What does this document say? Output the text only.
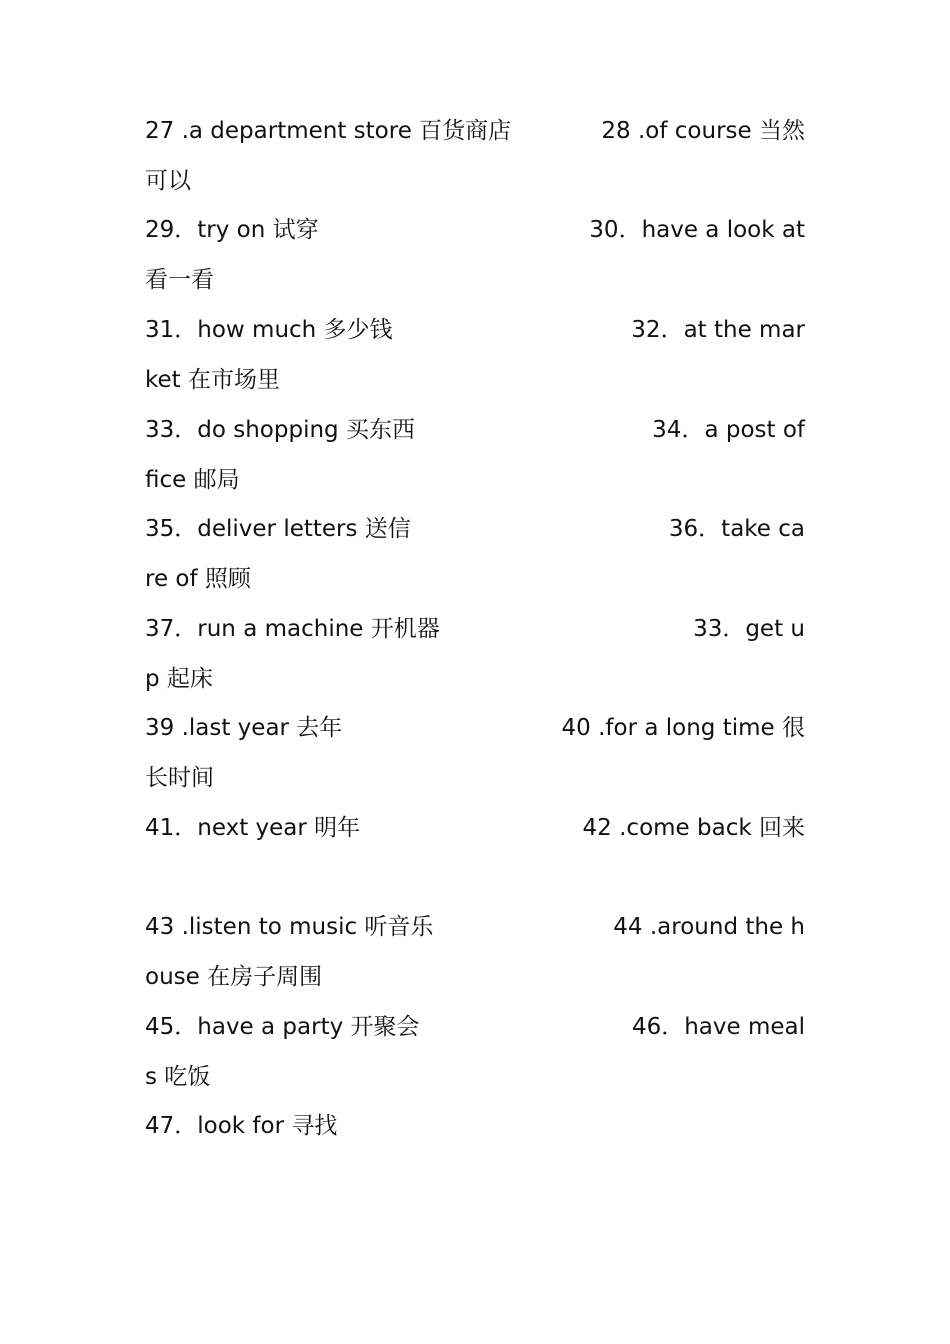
27 .a department store 百货商店	28 .of course 当然
可以
29．try on 试穿	30．have a look at
看一看
31．how much 多少钱	32．at the mar
ket 在市场里
33．do shopping 买东西	34．a post of
fice 邮局
35．deliver letters 送信	36．take ca
re of 照顾
37．run a machine 开机器	33．get u
p 起床
39 .last year 去年	40 .for a long time 很
长时间
41．next year 明年	42 .come back 回来
43 .listen to music 听音乐	44 .around the h
ouse 在房子周围
45．have a party 开聚会	46．have meal
s 吃饭
47．look for 寻找
